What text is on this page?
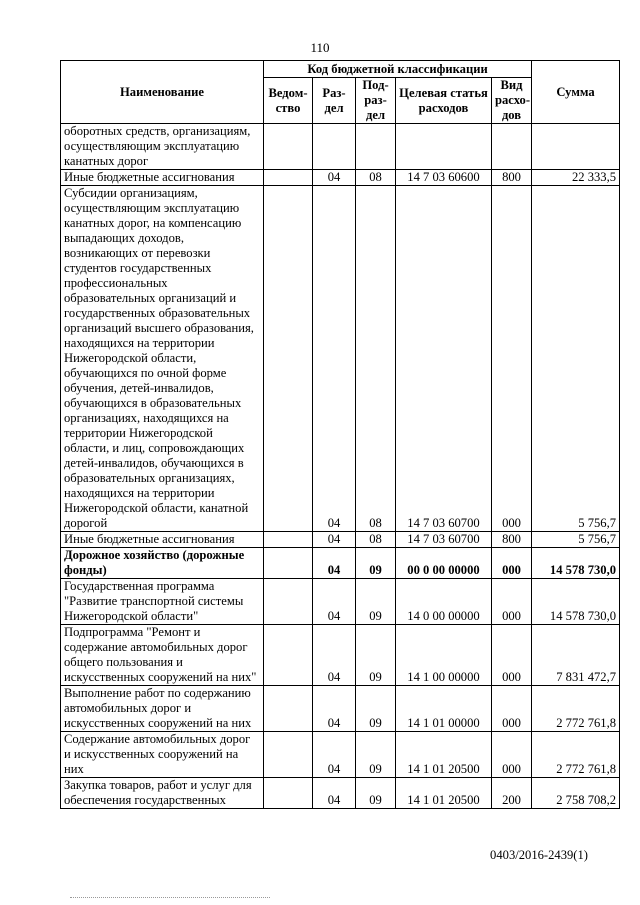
110
Наименование	Код бюджетной классификации					Сумма
	Ведом-ство	Раз-дел	Под-раз-дел	Целевая статья расходов	Вид расхо-дов	
оборотных средств, организациям, осуществляющим эксплуатацию канатных дорог						
Иные бюджетные ассигнования		04	08	14 7 03 60600	800	22 333,5
Субсидии организациям, осуществляющим эксплуатацию канатных дорог, на компенсацию выпадающих доходов, возникающих от перевозки студентов государственных профессиональных образовательных организаций и государственных образовательных организаций высшего образования, находящихся на территории Нижегородской области, обучающихся по очной форме обучения, детей-инвалидов, обучающихся в образовательных организациях, находящихся на территории Нижегородской области, и лиц, сопровождающих детей-инвалидов, обучающихся в образовательных организациях, находящихся на территории Нижегородской области, канатной дорогой		04	08	14 7 03 60700	000	5 756,7
Иные бюджетные ассигнования		04	08	14 7 03 60700	800	5 756,7
Дорожное хозяйство (дорожные фонды)		04	09	00 0 00 00000	000	14 578 730,0
Государственная программа "Развитие транспортной системы Нижегородской области"		04	09	14 0 00 00000	000	14 578 730,0
Подпрограмма "Ремонт и содержание автомобильных дорог общего пользования и искусственных сооружений на них"		04	09	14 1 00 00000	000	7 831 472,7
Выполнение работ по содержанию автомобильных дорог и искусственных сооружений на них		04	09	14 1 01 00000	000	2 772 761,8
Содержание автомобильных дорог и искусственных сооружений на них		04	09	14 1 01 20500	000	2 772 761,8
Закупка товаров, работ и услуг для обеспечения государственных		04	09	14 1 01 20500	200	2 758 708,2
0403/2016-2439(1)
